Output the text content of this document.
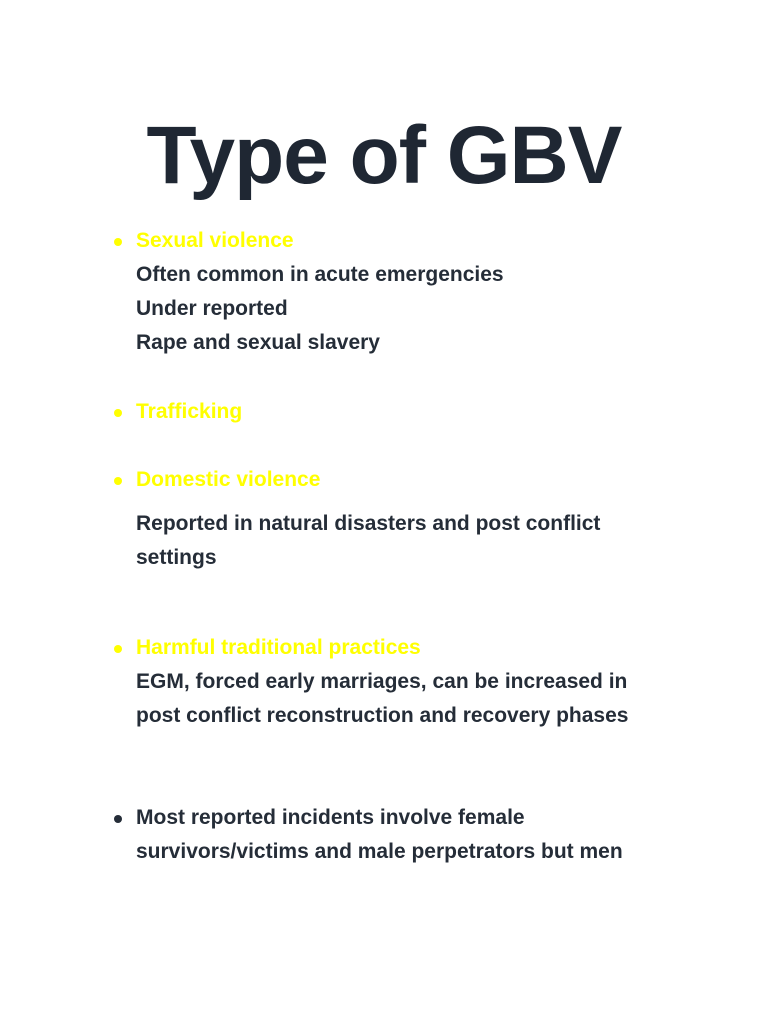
Type of GBV
Sexual violence
Often common in acute emergencies
Under reported
Rape and sexual slavery
Trafficking
Domestic violence
Reported in natural disasters and post conflict
settings
Harmful traditional practices
EGM, forced early marriages, can be increased in
post conflict reconstruction and recovery phases
Most reported incidents involve female
survivors/victims and male perpetrators but men
